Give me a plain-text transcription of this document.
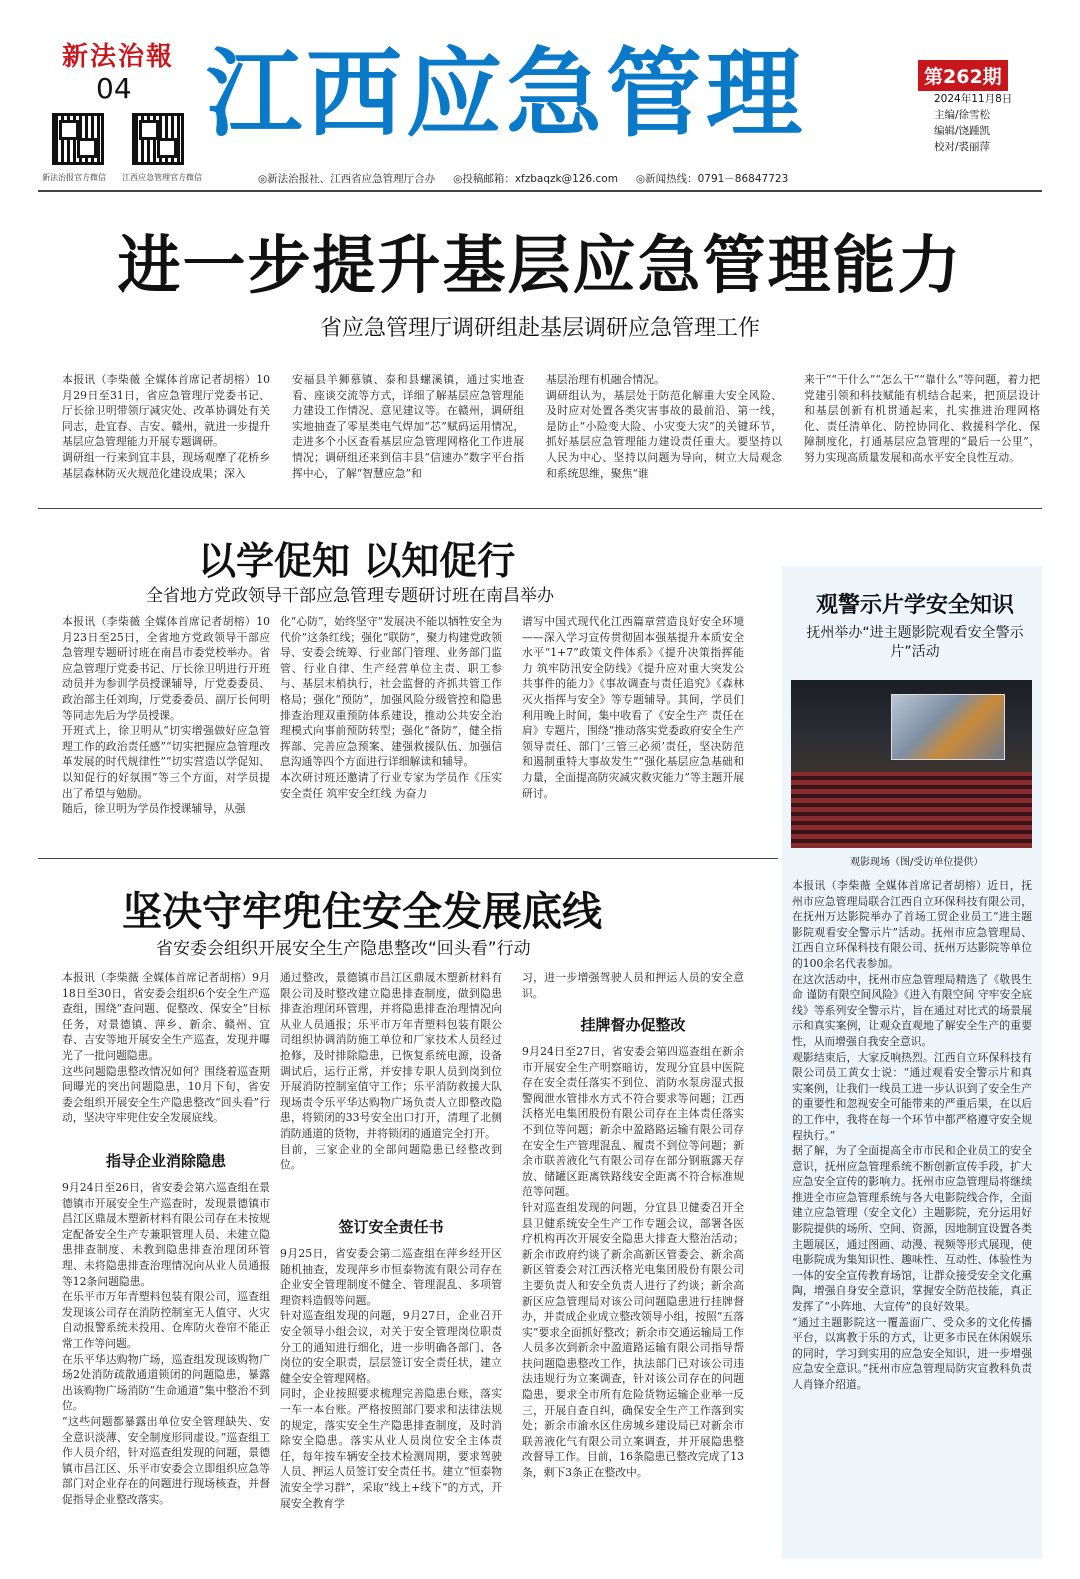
新法治報
04
新法治报官方微信 江西应急管理官方微信
江西应急管理	第262期
2024年11月8日
主编/徐雪松
编辑/饶踵凯
校对/裘丽萍
◎新法治报社、江西省应急管理厅合办 ◎投稿邮箱：xfzbaqzk@126.com ◎新闻热线：0791－86847723
进一步提升基层应急管理能力
省应急管理厅调研组赴基层调研应急管理工作
本报讯（李柴薇 全媒体首席记者胡榕）10月29日至31日，省应急管理厅党委书记、厅长徐卫明带领厅减灾处、改革协调处有关同志，赴宜春、吉安、赣州，就进一步提升基层应急管理能力开展专题调研。
调研组一行来到宜丰县，现场观摩了花桥乡基层森林防灭火规范化建设成果；深入
安福县羊狮慕镇、泰和县螺溪镇，通过实地查看、座谈交流等方式，详细了解基层应急管理能力建设工作情况、意见建议等。在赣州，调研组实地抽查了零星类电气焊加“芯”赋码运用情况，走进多个小区查看基层应急管理网格化工作进展情况；调研组还来到信丰县“信速办”数字平台指挥中心，了解“智慧应急”和
基层治理有机融合情况。
调研组认为，基层处于防范化解重大安全风险、及时应对处置各类灾害事故的最前沿、第一线，是防止“小险变大险、小灾变大灾”的关键环节，抓好基层应急管理能力建设责任重大。要坚持以人民为中心、坚持以问题为导向，树立大局观念和系统思维，聚焦“谁
来干”“干什么”“怎么干”“靠什么”等问题，着力把党建引领和科技赋能有机结合起来，把顶层设计和基层创新有机贯通起来，扎实推进治理网格化、责任清单化、防控协同化、救援科学化、保障制度化，打通基层应急管理的“最后一公里”，努力实现高质量发展和高水平安全良性互动。
以学促知 以知促行
全省地方党政领导干部应急管理专题研讨班在南昌举办
本报讯（李柴薇 全媒体首席记者胡榕）10月23日至25日，全省地方党政领导干部应急管理专题研讨班在南昌市委党校举办。省应急管理厅党委书记、厅长徐卫明进行开班动员并为参训学员授课辅导，厅党委委员、政治部主任刘珣，厅党委委员、副厅长何明等同志先后为学员授课。
开班式上，徐卫明从“切实增强做好应急管理工作的政治责任感”“切实把握应急管理改革发展的时代规律性”“切实营造以学促知、以知促行的好氛围”等三个方面，对学员提出了希望与勉励。
随后，徐卫明为学员作授课辅导，从强
化“心防”，始终坚守“发展决不能以牺牲安全为代价”这条红线；强化“联防”，聚力构建党政领导、安委会统筹、行业部门管理、业务部门监管、行业自律、生产经营单位主责、职工参与、基层末梢执行，社会监督的齐抓共管工作格局；强化“预防”，加强风险分级管控和隐患排查治理双重预防体系建设，推动公共安全治理模式向事前预防转型；强化“备防”，健全指挥部、完善应急预案、建强救援队伍、加强信息沟通等四个方面进行详细解读和辅导。
本次研讨班还邀请了行业专家为学员作《压实安全责任 筑牢安全红线 为奋力
谱写中国式现代化江西篇章营造良好安全环境——深入学习宣传贯彻固本强基提升本质安全水平“1+7”政策文件体系》《提升决策指挥能力 筑牢防汛安全防线》《提升应对重大突发公共事件的能力》《事故调查与责任追究》《森林灭火指挥与安全》等专题辅导。其间，学员们利用晚上时间，集中收看了《安全生产 责任在肩》专题片，围绕“推动落实党委政府安全生产领导责任、部门‘三管三必须’责任，坚决防范和遏制重特大事故发生”“强化基层应急基础和力量，全面提高防灾减灾救灾能力”等主题开展研讨。
坚决守牢兜住安全发展底线
省安委会组织开展安全生产隐患整改“回头看”行动
本报讯（李柴薇 全媒体首席记者胡榕）9月18日至30日，省安委会组织6个安全生产巡查组，围绕“查问题、促整改、保安全”目标任务，对景德镇、萍乡、新余、赣州、宜春、吉安等地开展安全生产巡查，发现并曝光了一批问题隐患。
这些问题隐患整改情况如何？围绕着巡查期间曝光的突出问题隐患，10月下旬，省安委会组织开展安全生产隐患整改“回头看”行动，坚决守牢兜住安全发展底线。
指导企业消除隐患
9月24日至26日，省安委会第六巡查组在景德镇市开展安全生产巡查时，发现景德镇市昌江区鼎晟木塑新材料有限公司存在未按规定配备安全生产专兼职管理人员、未建立隐患排查制度、未教到隐患排查治理闭环管理、未将隐患排查治理情况向从业人员通报等12条问题隐患。
在乐平市万年青塑料包装有限公司，巡查组发现该公司存在消防控制室无人值守、火灾自动报警系统未投用、仓库防火卷帘不能正常工作等问题。
在乐平华达购物广场，巡查组发现该购物广场2处消防疏散通道锁闭的问题隐患，暴露出该购物广场消防“生命通道”集中整治不到位。
“这些问题都暴露出单位安全管理缺失、安全意识淡薄、安全制度形同虚设。”巡查组工作人员介绍，针对巡查组发现的问题，景德镇市昌江区、乐平市安委会立即组织应急等部门对企业存在的问题进行现场核查，并督促指导企业整改落实。
通过整改，景德镇市昌江区鼎晟木塑新材料有限公司及时整改建立隐患排查制度，做到隐患排查治理闭环管理，并将隐患排查治理情况向从业人员通报；乐平市万年青塑料包装有限公司组织协调消防施工单位和厂家技术人员经过抢修，及时排除隐患，已恢复系统电源，设备调试后，运行正常，并安排专职人员到岗到位开展消防控制室值守工作；乐平消防救援大队现场责令乐平华达购物广场负责人立即整改隐患，将锁闭的33号安全出口打开，清理了北侧消防通道的货物，并将锁闭的通道完全打开。
目前，三家企业的全部问题隐患已经整改到位。
签订安全责任书
9月25日，省安委会第二巡查组在萍乡经开区随机抽查，发现萍乡市恒泰物流有限公司存在企业安全管理制度不健全、管理混乱、多项管理资料造假等问题。
针对巡查组发现的问题，9月27日，企业召开安全领导小组会议，对关于安全管理岗位职责分工的通知进行细化，进一步明确各部门、各岗位的安全职责，层层签订安全责任状，建立健全安全管理网格。
同时，企业按照要求梳理完善隐患台账，落实一车一本台账。严格按照部门要求和法律法规的规定，落实安全生产隐患排查制度，及时消除安全隐患。落实从业人员岗位安全主体责任，每年按车辆安全技术检测周期，要求驾驶人员、押运人员签订安全责任书。建立“恒泰物流安全学习群”，采取“线上+线下”的方式，开展安全教育学
习，进一步增强驾驶人员和押运人员的安全意识。
挂牌督办促整改
9月24日至27日，省安委会第四巡查组在新余市开展安全生产明察暗访，发现分宜县中医院存在安全责任落实不到位、消防水泵房湿式报警阀泄水管排水方式不符合要求等问题；江西沃格光电集团股份有限公司存在主体责任落实不到位等问题；新余中盈路路运输有限公司存在安全生产管理混乱、履责不到位等问题；新余市联善液化气有限公司存在部分钢瓶露天存放、储罐区距离铁路线安全距离不符合标准规范等问题。
针对巡查组发现的问题，分宜县卫健委召开全县卫健系统安全生产工作专题会议，部署各医疗机构再次开展安全隐患大排查大整治活动；新余市政府约谈了新余高新区管委会、新余高新区管委会对江西沃格光电集团股份有限公司主要负责人和安全负责人进行了约谈；新余高新区应急管理局对该公司问题隐患进行挂牌督办，并责成企业成立整改领导小组，按照“五落实”要求全面抓好整改；新余市交通运输局工作人员多次到新余中盈道路运输有限公司指导帮扶问题隐患整改工作，执法部门已对该公司违法违规行为立案调查，针对该公司存在的问题隐患，要求全市所有危险货物运输企业举一反三，开展自查自纠，确保安全生产工作落到实处；新余市渝水区住房城乡建设局已对新余市联善液化气有限公司立案调查，并开展隐患整改督导工作。目前，16条隐患已整改完成了13条，剩下3条正在整改中。
观警示片学安全知识
抚州举办“进主题影院观看安全警示片”活动
观影现场（图/受访单位提供）
本报讯（李柴薇 全媒体首席记者胡榕）近日，抚州市应急管理局联合江西自立环保科技有限公司，在抚州万达影院举办了首场工贸企业员工“进主题影院观看安全警示片”活动。抚州市应急管理局、江西自立环保科技有限公司、抚州万达影院等单位的100余名代表参加。
在这次活动中，抚州市应急管理局精选了《敬畏生命 谨防有限空间风险》《进入有限空间 守牢安全底线》等系列安全警示片，旨在通过对比式的场景展示和真实案例，让观众直观地了解安全生产的重要性，从而增强自我安全意识。
观影结束后，大家反响热烈。江西自立环保科技有限公司员工黄女士说：“通过观看安全警示片和真实案例，让我们一线员工进一步认识到了安全生产的重要性和忽视安全可能带来的严重后果，在以后的工作中，我将在每一个环节中都严格遵守安全规程执行。”
据了解，为了全面提高全市市民和企业员工的安全意识，抚州应急管理系统不断创新宣传手段，扩大应急安全宣传的影响力。抚州市应急管理局将继续推进全市应急管理系统与各大电影院线合作，全面建立应急管理（安全文化）主题影院，充分运用好影院提供的场所、空间、资源，因地制宜设置各类主题展区，通过图画、动漫、视频等形式展现，使电影院成为集知识性、趣味性、互动性、体验性为一体的安全宣传教育场馆，让群众接受安全文化熏陶，增强自身安全意识，掌握安全防范技能，真正发挥了“小阵地、大宣传”的良好效果。
“通过主题影院这一覆盖面广、受众多的文化传播平台，以寓教于乐的方式，让更多市民在休闲娱乐的同时，学习到实用的应急安全知识，进一步增强应急安全意识。”抚州市应急管理局防灾宣教科负责人肖锋介绍道。
